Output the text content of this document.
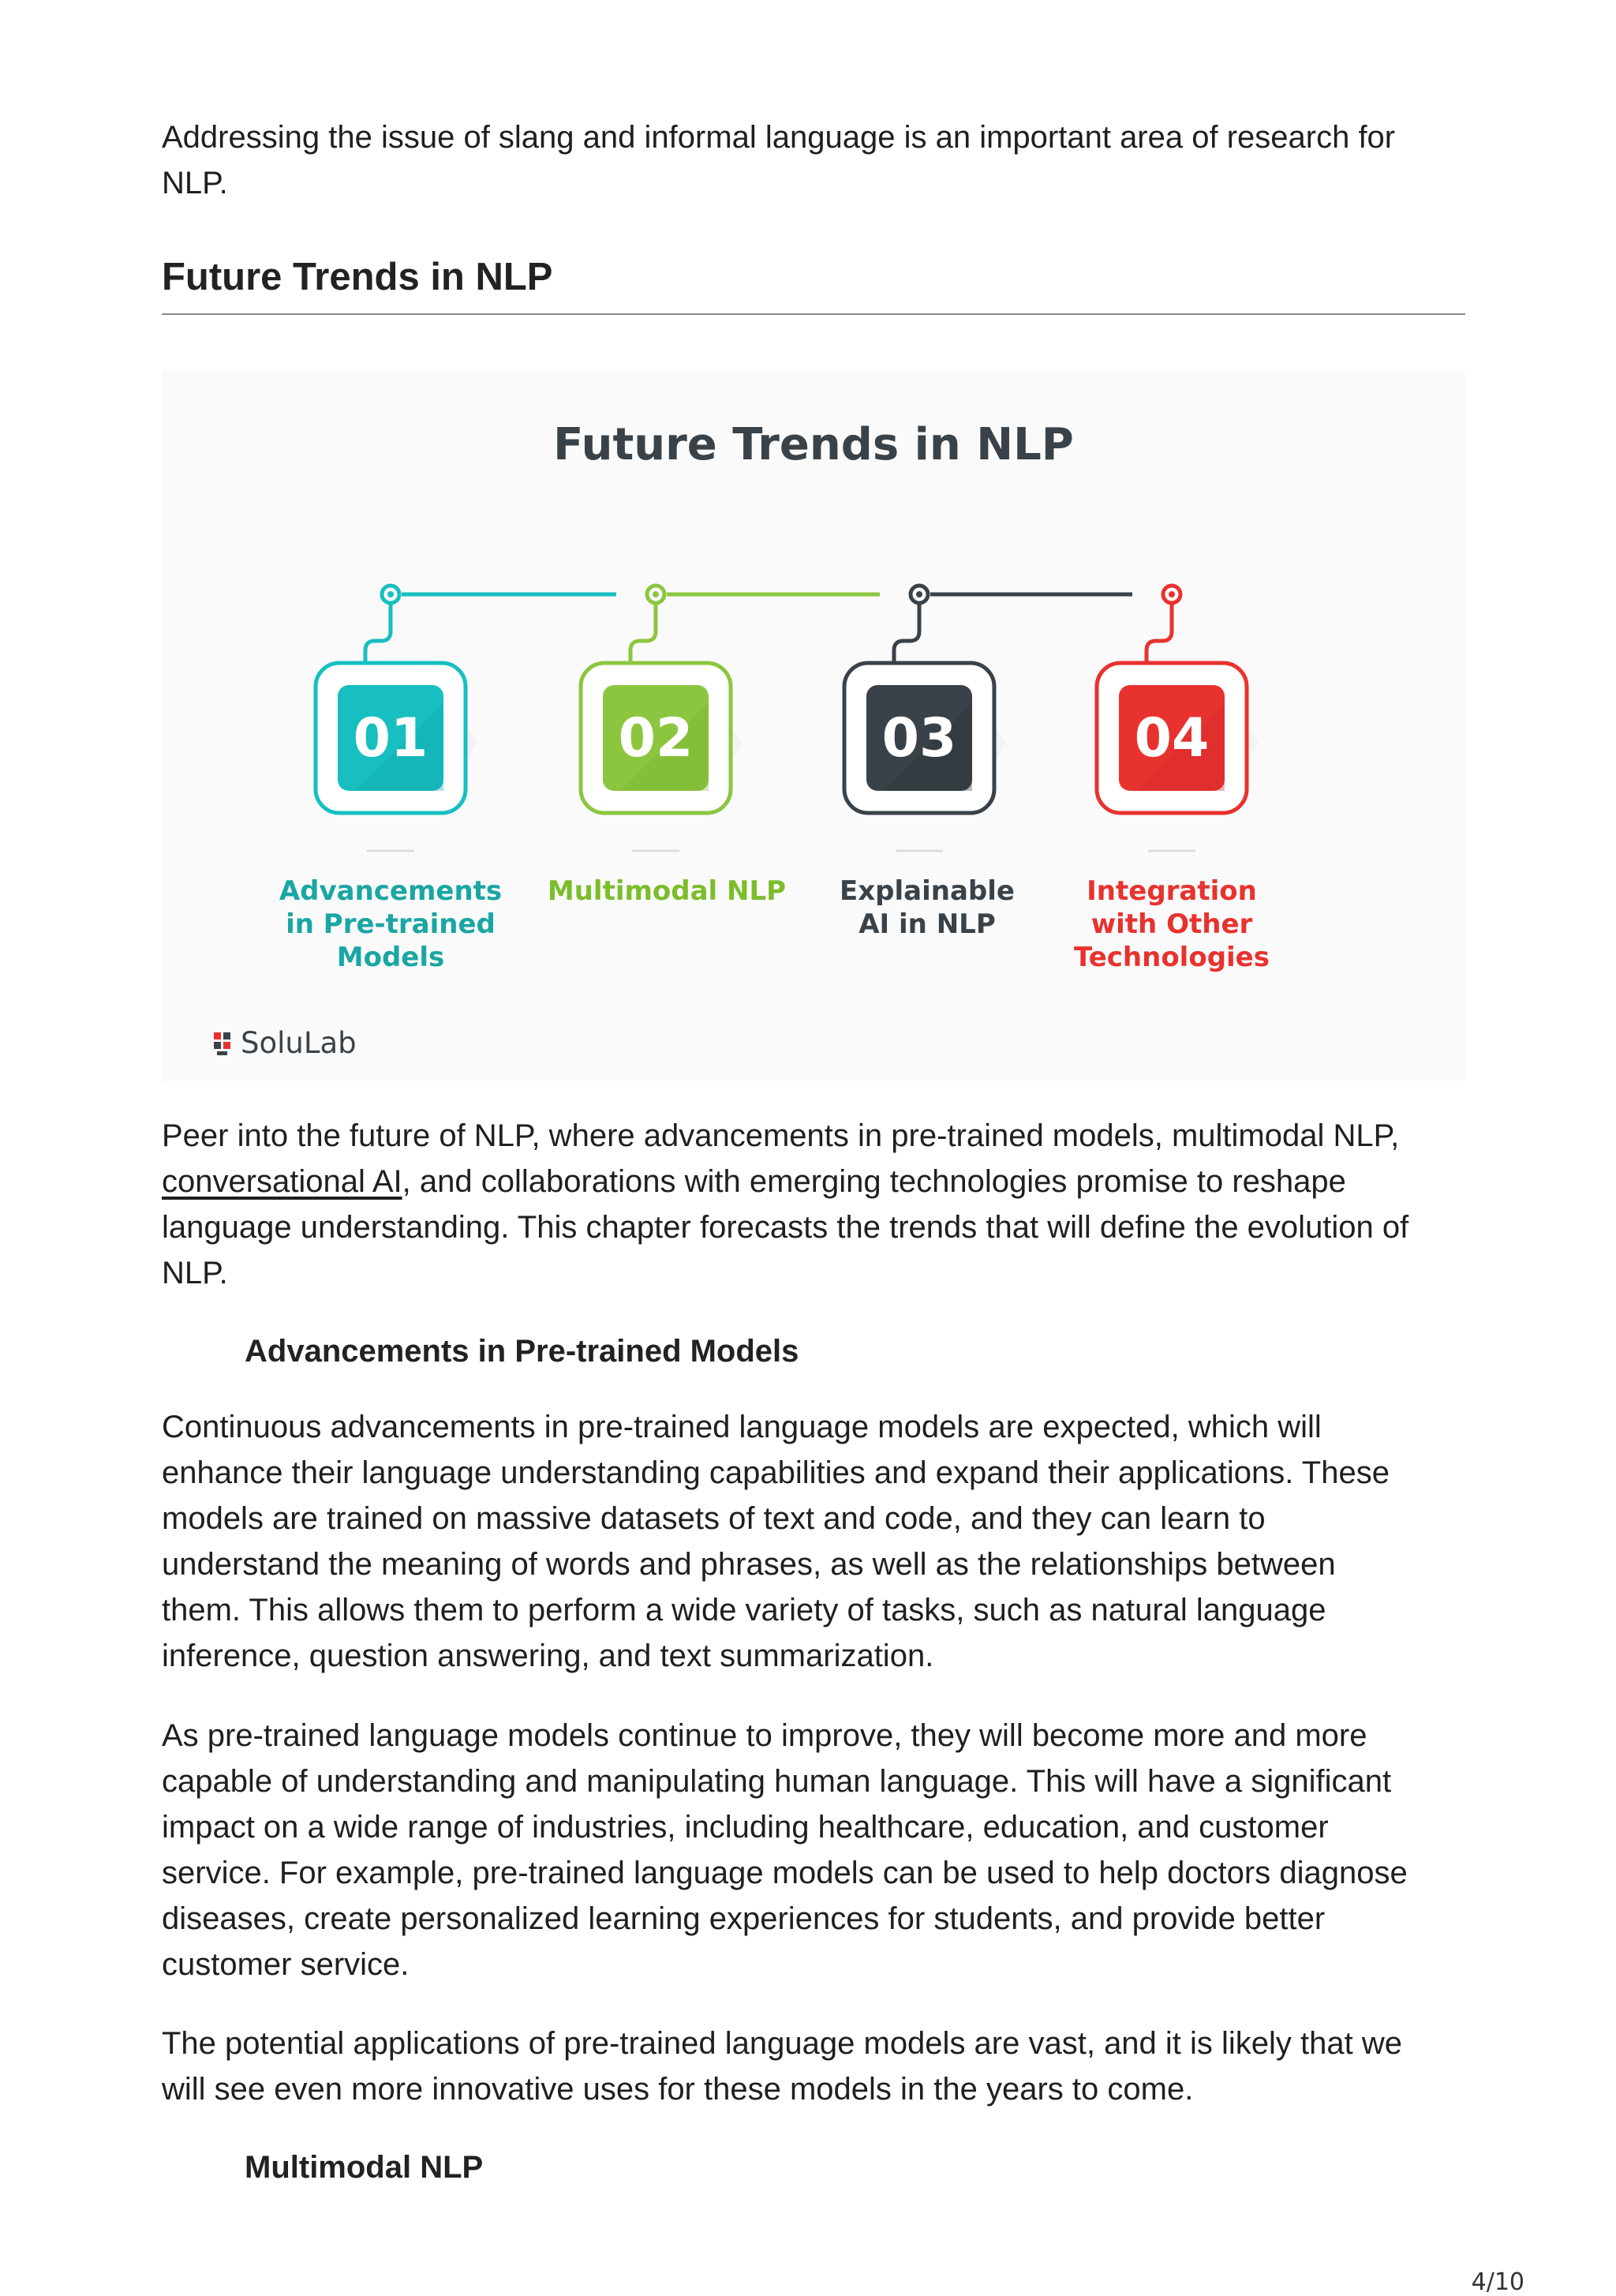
Addressing the issue of slang and informal language is an important area of research for
NLP.

Future Trends in NLP
Future Trends in NLP
01
Advancements
in Pre-trained
Models
02
Multimodal NLP
03
Explainable
AI in NLP
04
Integration
with Other
Technologies
SoluLab

Peer into the future of NLP, where advancements in pre-trained models, multimodal NLP,
conversational AI, and collaborations with emerging technologies promise to reshape
language understanding. This chapter forecasts the trends that will define the evolution of
NLP.

Advancements in Pre-trained Models

Continuous advancements in pre-trained language models are expected, which will
enhance their language understanding capabilities and expand their applications. These
models are trained on massive datasets of text and code, and they can learn to
understand the meaning of words and phrases, as well as the relationships between
them. This allows them to perform a wide variety of tasks, such as natural language
inference, question answering, and text summarization.

As pre-trained language models continue to improve, they will become more and more
capable of understanding and manipulating human language. This will have a significant
impact on a wide range of industries, including healthcare, education, and customer
service. For example, pre-trained language models can be used to help doctors diagnose
diseases, create personalized learning experiences for students, and provide better
customer service.

The potential applications of pre-trained language models are vast, and it is likely that we
will see even more innovative uses for these models in the years to come.

Multimodal NLP
4/10
